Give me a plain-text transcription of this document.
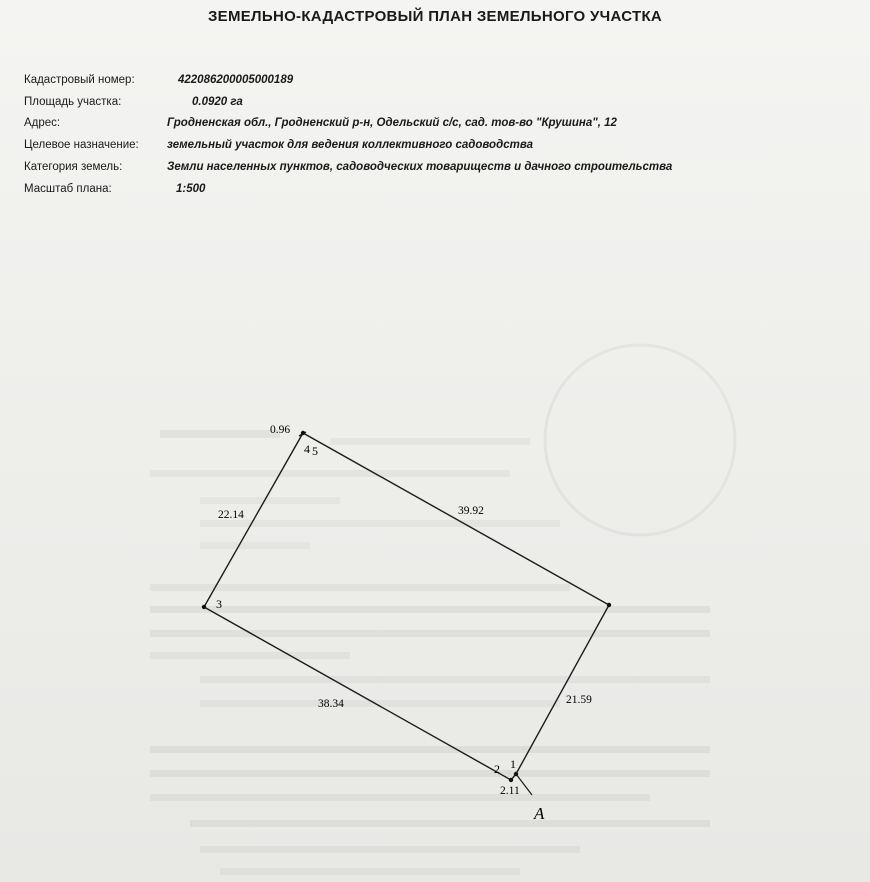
ЗЕМЕЛЬНО-КАДАСТРОВЫЙ ПЛАН ЗЕМЕЛЬНОГО УЧАСТКА
Кадастровый номер:	422086200005000189
Площадь участка:	0.0920 га
Адрес:	Гродненская обл., Гродненский р-н, Одельский с/с, сад. тов-во "Крушина", 12
Целевое назначение: земельный участок для ведения коллективного садоводства
Категория земель:	Земли населенных пунктов, садоводческих товариществ и дачного строительства
Масштаб плана:	1:500
0.96
22.14	39.92
38.34	21.59
2.11
4 5
3
2 1
A
